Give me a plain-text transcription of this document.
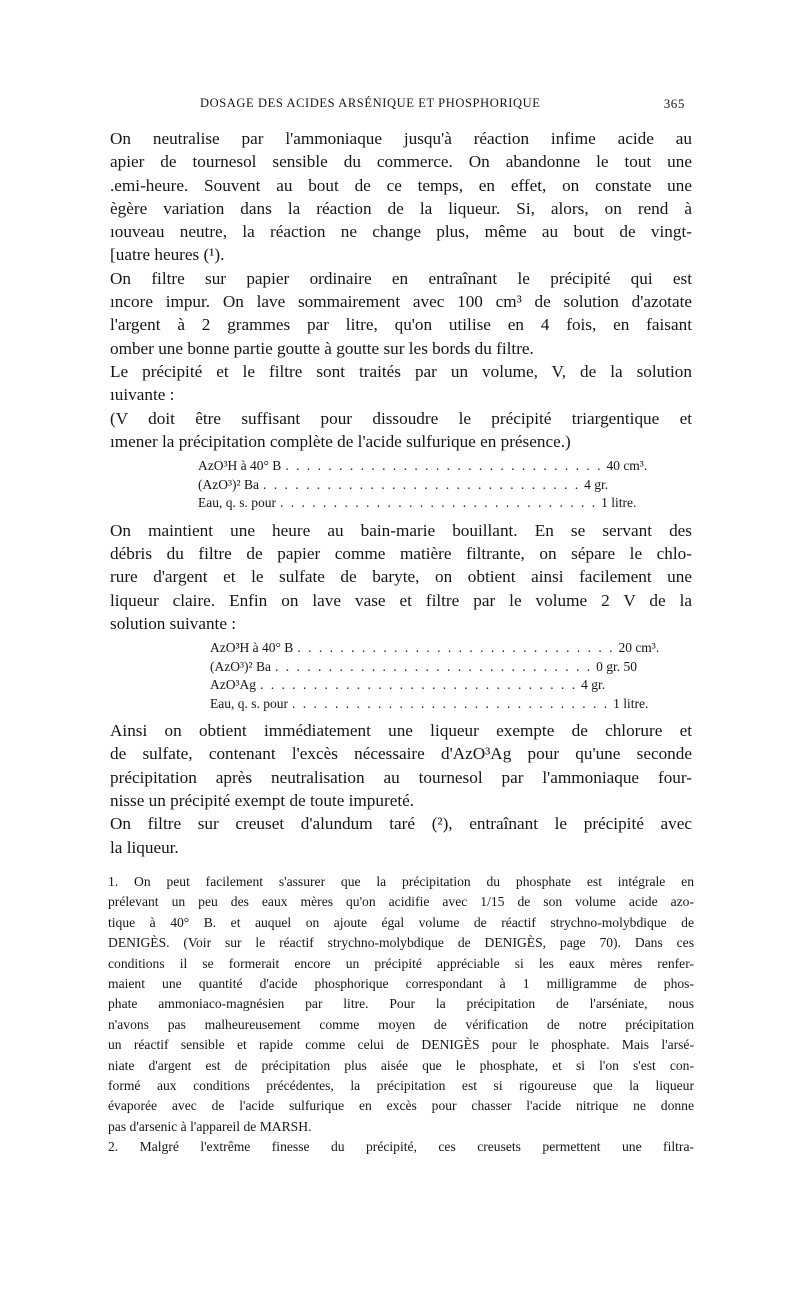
DOSAGE DES ACIDES ARSÉNIQUE ET PHOSPHORIQUE	365
On neutralise par l'ammoniaque jusqu'à réaction infime acide au
apier de tournesol sensible du commerce. On abandonne le tout une
.emi-heure. Souvent au bout de ce temps, en effet, on constate une
ègère variation dans la réaction de la liqueur. Si, alors, on rend à
ıouveau neutre, la réaction ne change plus, même au bout de vingt-
[uatre heures (¹).
On filtre sur papier ordinaire en entraînant le précipité qui est
ıncore impur. On lave sommairement avec 100 cm³ de solution d'azotate
l'argent à 2 grammes par litre, qu'on utilise en 4 fois, en faisant
omber une bonne partie goutte à goutte sur les bords du filtre.
Le précipité et le filtre sont traités par un volume, V, de la solution
ıuivante :
(V doit être suffisant pour dissoudre le précipité triargentique et
ımener la précipitation complète de l'acide sulfurique en présence.)
AzO³H à 40° B . . . . . . . . . . . . . . . . . . . . . . . . . . . . . . 40 cm³.
(AzO³)² Ba . . . . . . . . . . . . . . . . . . . . . . . . . . . . . . 4 gr.
Eau, q. s. pour . . . . . . . . . . . . . . . . . . . . . . . . . . . . . . 1 litre.
On maintient une heure au bain-marie bouillant. En se servant des
débris du filtre de papier comme matière filtrante, on sépare le chlo-
rure d'argent et le sulfate de baryte, on obtient ainsi facilement une
liqueur claire. Enfin on lave vase et filtre par le volume 2 V de la
solution suivante :
AzO³H à 40° B . . . . . . . . . . . . . . . . . . . . . . . . . . . . . . 20 cm³.
(AzO³)² Ba . . . . . . . . . . . . . . . . . . . . . . . . . . . . . . 0 gr. 50
AzO³Ag . . . . . . . . . . . . . . . . . . . . . . . . . . . . . . 4 gr.
Eau, q. s. pour . . . . . . . . . . . . . . . . . . . . . . . . . . . . . . 1 litre.
Ainsi on obtient immédiatement une liqueur exempte de chlorure et
de sulfate, contenant l'excès nécessaire d'AzO³Ag pour qu'une seconde
précipitation après neutralisation au tournesol par l'ammoniaque four-
nisse un précipité exempt de toute impureté.
On filtre sur creuset d'alundum taré (²), entraînant le précipité avec
la liqueur.
1. On peut facilement s'assurer que la précipitation du phosphate est intégrale en
prélevant un peu des eaux mères qu'on acidifie avec 1/15 de son volume acide azo-
tique à 40° B. et auquel on ajoute égal volume de réactif strychno-molybdique de
DENIGÈS. (Voir sur le réactif strychno-molybdique de DENIGÈS, page 70). Dans ces
conditions il se formerait encore un précipité appréciable si les eaux mères renfer-
maient une quantité d'acide phosphorique correspondant à 1 milligramme de phos-
phate ammoniaco-magnésien par litre. Pour la précipitation de l'arséniate, nous
n'avons pas malheureusement comme moyen de vérification de notre précipitation
un réactif sensible et rapide comme celui de DENIGÈS pour le phosphate. Mais l'arsé-
niate d'argent est de précipitation plus aisée que le phosphate, et si l'on s'est con-
formé aux conditions précédentes, la précipitation est si rigoureuse que la liqueur
évaporée avec de l'acide sulfurique en excès pour chasser l'acide nitrique ne donne
pas d'arsenic à l'appareil de MARSH.
2. Malgré l'extrême finesse du précipité, ces creusets permettent une filtra-
